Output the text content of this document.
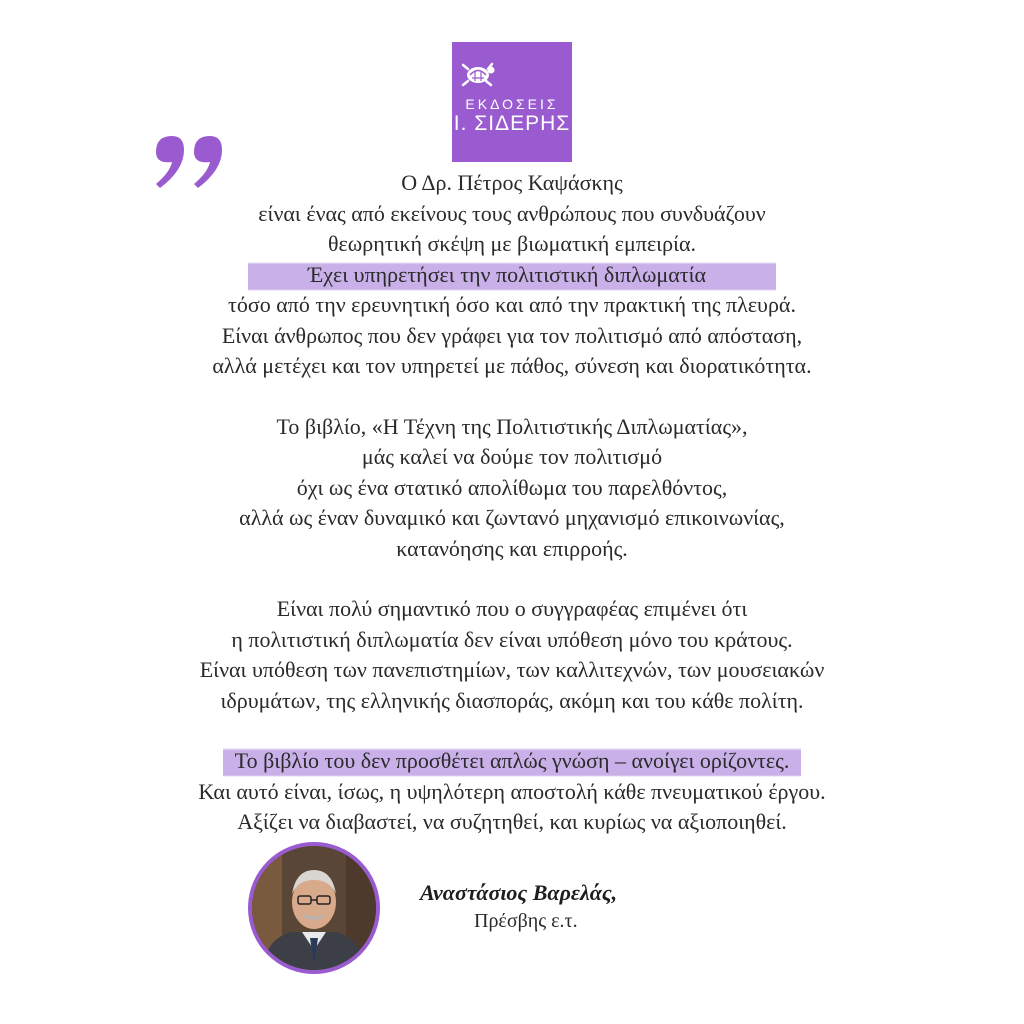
ΕΚΔΟΣΕΙΣ
Ι. ΣΙΔΕΡΗΣ

Ο Δρ. Πέτρος Καψάσκης
είναι ένας από εκείνους τους ανθρώπους που συνδυάζουν
θεωρητική σκέψη με βιωματική εμπειρία.
Έχει υπηρετήσει την πολιτιστική διπλωματία
τόσο από την ερευνητική όσο και από την πρακτική της πλευρά.
Είναι άνθρωπος που δεν γράφει για τον πολιτισμό από απόσταση,
αλλά μετέχει και τον υπηρετεί με πάθος, σύνεση και διορατικότητα.

Το βιβλίο, «Η Τέχνη της Πολιτιστικής Διπλωματίας»,
μάς καλεί να δούμε τον πολιτισμό
όχι ως ένα στατικό απολίθωμα του παρελθόντος,
αλλά ως έναν δυναμικό και ζωντανό μηχανισμό επικοινωνίας,
κατανόησης και επιρροής.

Είναι πολύ σημαντικό που ο συγγραφέας επιμένει ότι
η πολιτιστική διπλωματία δεν είναι υπόθεση μόνο του κράτους.
Είναι υπόθεση των πανεπιστημίων, των καλλιτεχνών, των μουσειακών
ιδρυμάτων, της ελληνικής διασποράς, ακόμη και του κάθε πολίτη.

Το βιβλίο του δεν προσθέτει απλώς γνώση – ανοίγει ορίζοντες.
Και αυτό είναι, ίσως, η υψηλότερη αποστολή κάθε πνευματικού έργου.
Αξίζει να διαβαστεί, να συζητηθεί, και κυρίως να αξιοποιηθεί.

Αναστάσιος Βαρελάς,
Πρέσβης ε.τ.
